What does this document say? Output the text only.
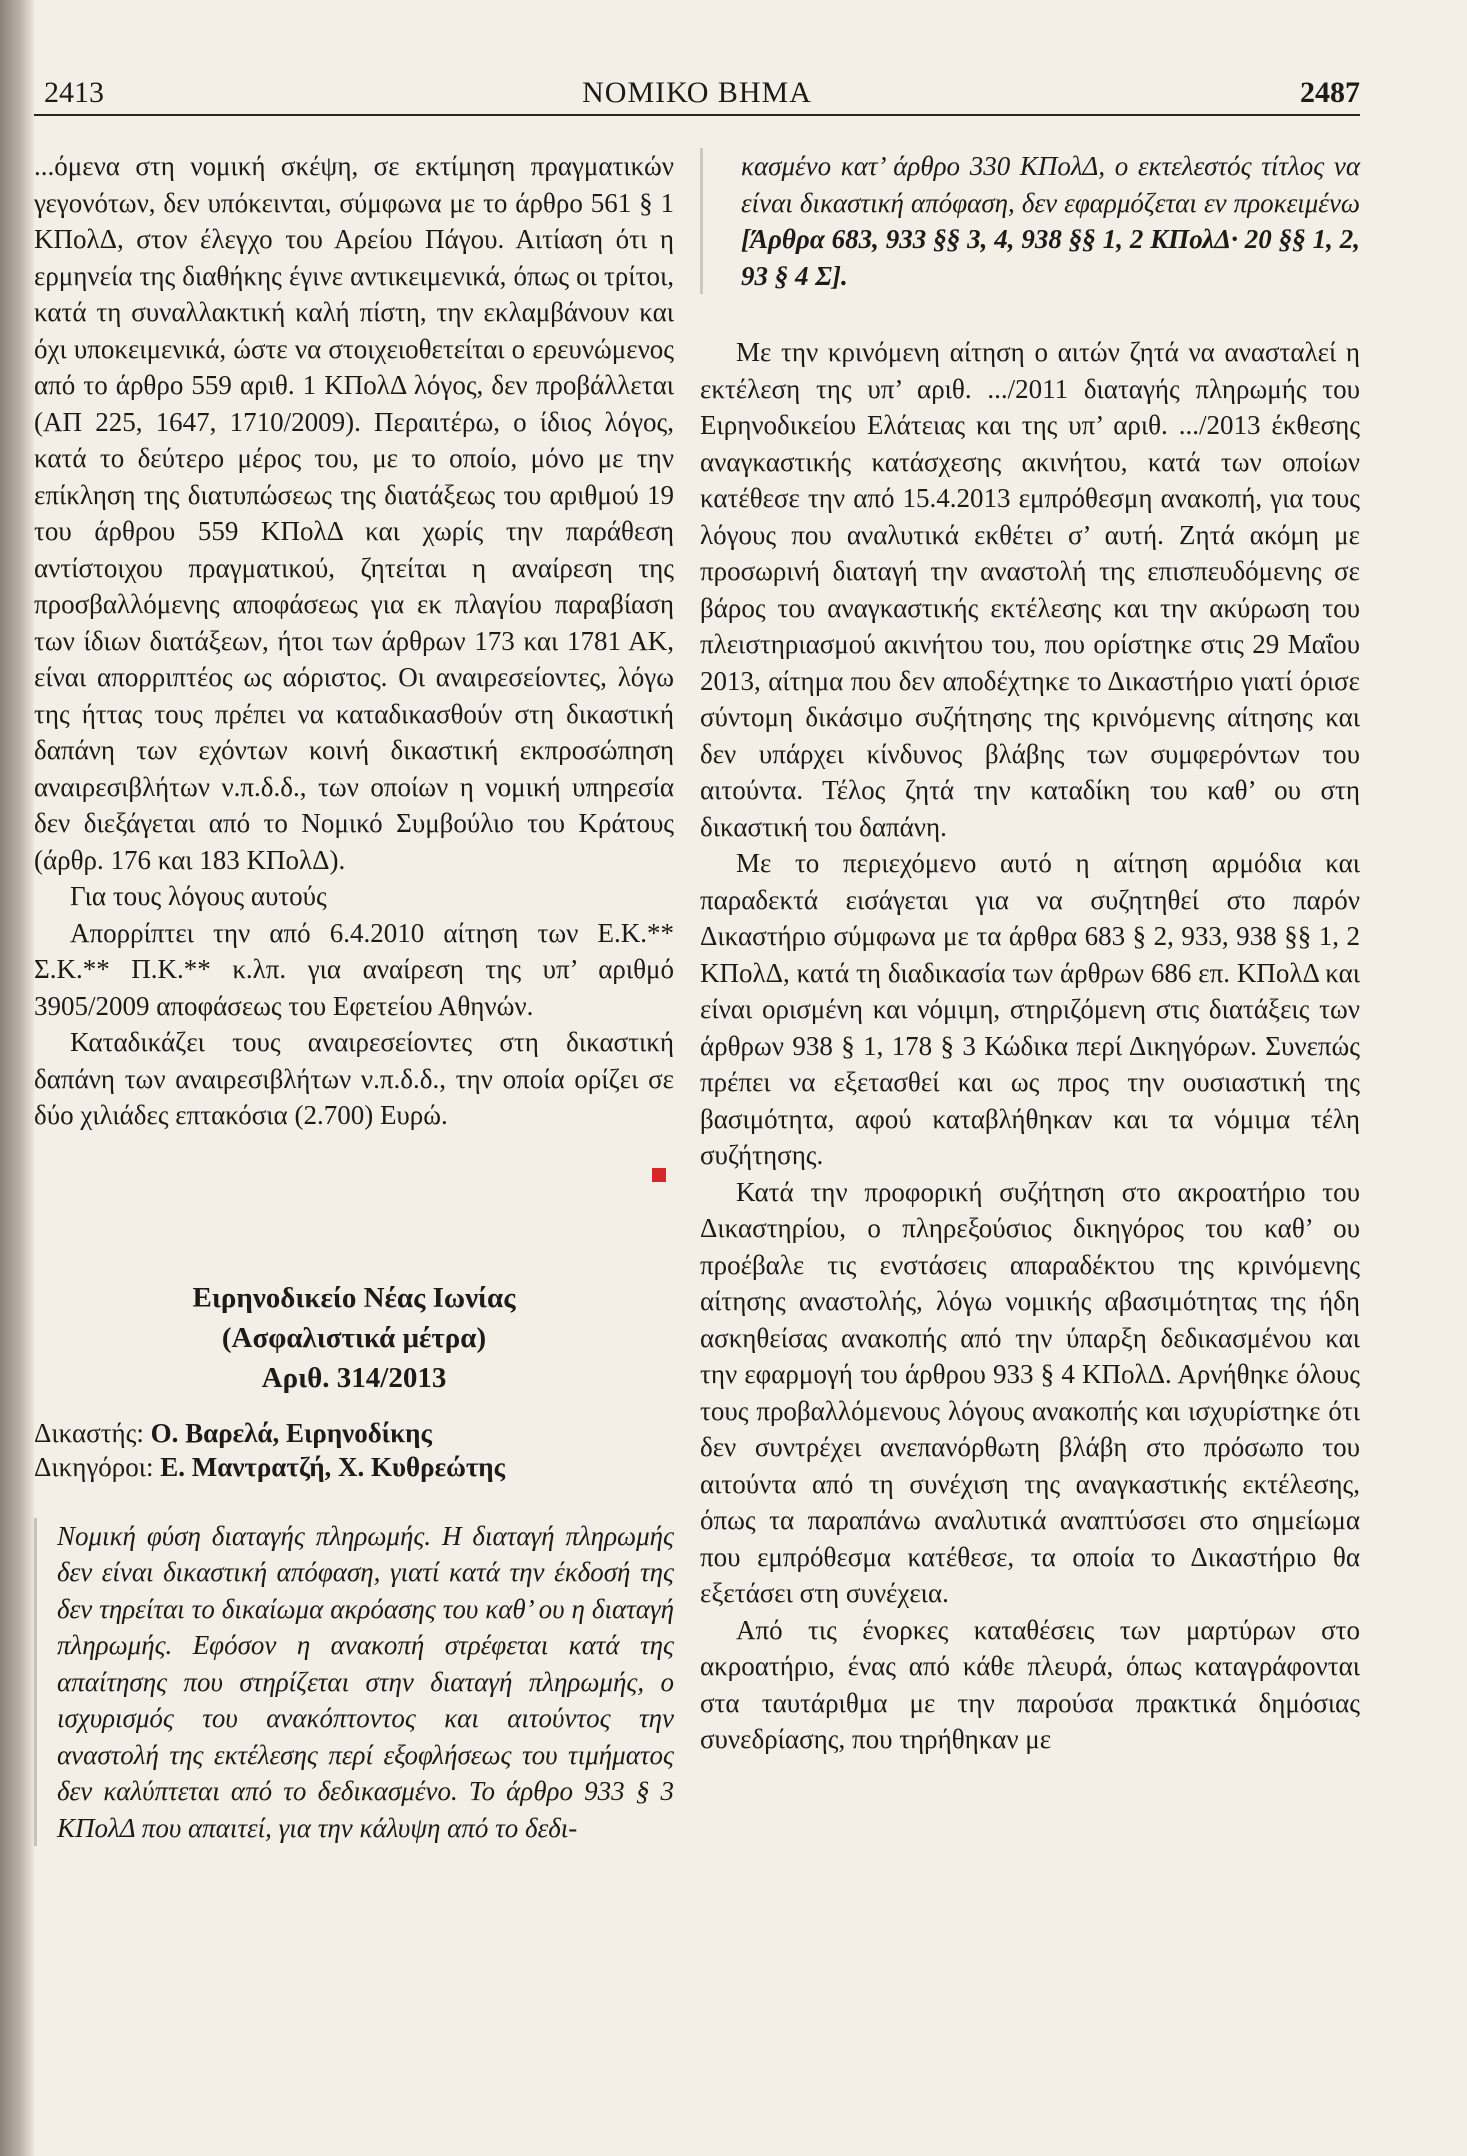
2413	ΝΟΜΙΚΟ ΒΗΜΑ	2487

...όμενα στη νομική σκέψη, σε εκτίμηση πραγματικών γεγονότων, δεν υπόκεινται, σύμφωνα με το άρθρο 561 § 1 ΚΠολΔ, στον έλεγχο του Αρείου Πάγου. Αιτίαση ότι η ερμηνεία της διαθήκης έγινε αντικειμενικά, όπως οι τρίτοι, κατά τη συναλλακτική καλή πίστη, την εκλαμβάνουν και όχι υποκειμενικά, ώστε να στοιχειοθετείται ο ερευνώμενος από το άρθρο 559 αριθ. 1 ΚΠολΔ λόγος, δεν προβάλλεται (ΑΠ 225, 1647, 1710/2009). Περαιτέρω, ο ίδιος λόγος, κατά το δεύτερο μέρος του, με το οποίο, μόνο με την επίκληση της διατυπώσεως της διατάξεως του αριθμού 19 του άρθρου 559 ΚΠολΔ και χωρίς την παράθεση αντίστοιχου πραγματικού, ζητείται η αναίρεση της προσβαλλόμενης αποφάσεως για εκ πλαγίου παραβίαση των ίδιων διατάξεων, ήτοι των άρθρων 173 και 1781 ΑΚ, είναι απορριπτέος ως αόριστος. Οι αναιρεσείοντες, λόγω της ήττας τους πρέπει να καταδικασθούν στη δικαστική δαπάνη των εχόντων κοινή δικαστική εκπροσώπηση αναιρεσιβλήτων ν.π.δ.δ., των οποίων η νομική υπηρεσία δεν διεξάγεται από το Νομικό Συμβούλιο του Κράτους (άρθρ. 176 και 183 ΚΠολΔ).

Για τους λόγους αυτούς

Απορρίπτει την από 6.4.2010 αίτηση των Ε.Κ.** Σ.Κ.** Π.Κ.** κ.λπ. για αναίρεση της υπ’ αριθμό 3905/2009 αποφάσεως του Εφετείου Αθηνών.

Καταδικάζει τους αναιρεσείοντες στη δικαστική δαπάνη των αναιρεσιβλήτων ν.π.δ.δ., την οποία ορίζει σε δύο χιλιάδες επτακόσια (2.700) Ευρώ.

Ειρηνοδικείο Νέας Ιωνίας
(Ασφαλιστικά μέτρα)
Αριθ. 314/2013
Δικαστής: Ο. Βαρελά, Ειρηνοδίκης
Δικηγόροι: Ε. Μαντρατζή, Χ. Κυθρεώτης
Νομική φύση διαταγής πληρωμής. Η διαταγή πληρωμής δεν είναι δικαστική απόφαση, γιατί κατά την έκδοσή της δεν τηρείται το δικαίωμα ακρόασης του καθ’ ου η διαταγή πληρωμής. Εφόσον η ανακοπή στρέφεται κατά της απαίτησης που στηρίζεται στην διαταγή πληρωμής, ο ισχυρισμός του ανακόπτοντος και αιτούντος την αναστολή της εκτέλεσης περί εξοφλήσεως του τιμήματος δεν καλύπτεται από το δεδικασμένο. Το άρθρο 933 § 3 ΚΠολΔ που απαιτεί, για την κάλυψη από το δεδι-
κασμένο κατ’ άρθρο 330 ΚΠολΔ, ο εκτελεστός τίτλος να είναι δικαστική απόφαση, δεν εφαρμόζεται εν προκειμένω [Άρθρα 683, 933 §§ 3, 4, 938 §§ 1, 2 ΚΠολΔ· 20 §§ 1, 2, 93 § 4 Σ].

Με την κρινόμενη αίτηση ο αιτών ζητά να ανασταλεί η εκτέλεση της υπ’ αριθ. .../2011 διαταγής πληρωμής του Ειρηνοδικείου Ελάτειας και της υπ’ αριθ. .../2013 έκθεσης αναγκαστικής κατάσχεσης ακινήτου, κατά των οποίων κατέθεσε την από 15.4.2013 εμπρόθεσμη ανακοπή, για τους λόγους που αναλυτικά εκθέτει σ’ αυτή. Ζητά ακόμη με προσωρινή διαταγή την αναστολή της επισπευδόμενης σε βάρος του αναγκαστικής εκτέλεσης και την ακύρωση του πλειστηριασμού ακινήτου του, που ορίστηκε στις 29 Μαΐου 2013, αίτημα που δεν αποδέχτηκε το Δικαστήριο γιατί όρισε σύντομη δικάσιμο συζήτησης της κρινόμενης αίτησης και δεν υπάρχει κίνδυνος βλάβης των συμφερόντων του αιτούντα. Τέλος ζητά την καταδίκη του καθ’ ου στη δικαστική του δαπάνη.

Με το περιεχόμενο αυτό η αίτηση αρμόδια και παραδεκτά εισάγεται για να συζητηθεί στο παρόν Δικαστήριο σύμφωνα με τα άρθρα 683 § 2, 933, 938 §§ 1, 2 ΚΠολΔ, κατά τη διαδικασία των άρθρων 686 επ. ΚΠολΔ και είναι ορισμένη και νόμιμη, στηριζόμενη στις διατάξεις των άρθρων 938 § 1, 178 § 3 Κώδικα περί Δικηγόρων. Συνεπώς πρέπει να εξετασθεί και ως προς την ουσιαστική της βασιμότητα, αφού καταβλήθηκαν και τα νόμιμα τέλη συζήτησης.

Κατά την προφορική συζήτηση στο ακροατήριο του Δικαστηρίου, ο πληρεξούσιος δικηγόρος του καθ’ ου προέβαλε τις ενστάσεις απαραδέκτου της κρινόμενης αίτησης αναστολής, λόγω νομικής αβασιμότητας της ήδη ασκηθείσας ανακοπής από την ύπαρξη δεδικασμένου και την εφαρμογή του άρθρου 933 § 4 ΚΠολΔ. Αρνήθηκε όλους τους προβαλλόμενους λόγους ανακοπής και ισχυρίστηκε ότι δεν συντρέχει ανεπανόρθωτη βλάβη στο πρόσωπο του αιτούντα από τη συνέχιση της αναγκαστικής εκτέλεσης, όπως τα παραπάνω αναλυτικά αναπτύσσει στο σημείωμα που εμπρόθεσμα κατέθεσε, τα οποία το Δικαστήριο θα εξετάσει στη συνέχεια.

Από τις ένορκες καταθέσεις των μαρτύρων στο ακροατήριο, ένας από κάθε πλευρά, όπως καταγράφονται στα ταυτάριθμα με την παρούσα πρακτικά δημόσιας συνεδρίασης, που τηρήθηκαν με
